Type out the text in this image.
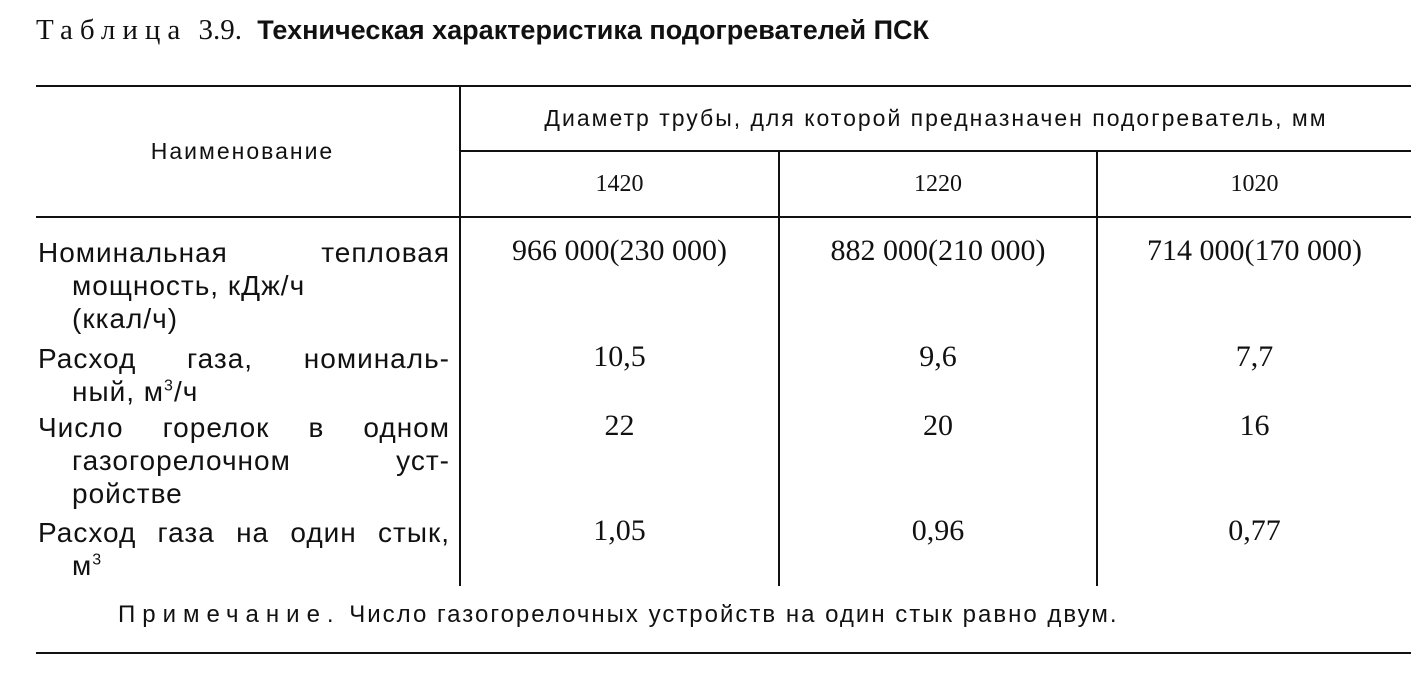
Таблица 3.9. Техническая характеристика подогревателей ПСК
Наименование
Диаметр трубы, для которой предназначен подогреватель, мм
1420	1220	1020
Номинальная тепловая
мощность, кДж/ч
(ккал/ч)
966 000(230 000)	882 000(210 000)	714 000(170 000)
Расход газа, номиналь-
ный, $м^3/ч$
10,5	9,6	7,7
Число горелок в одном
газогорелочном уст-
ройстве
22	20	16
Расход газа на один стык,
$м^3$
1,05	0,96	0,77
Примечание. Число газогорелочных устройств на один стык равно двум.
